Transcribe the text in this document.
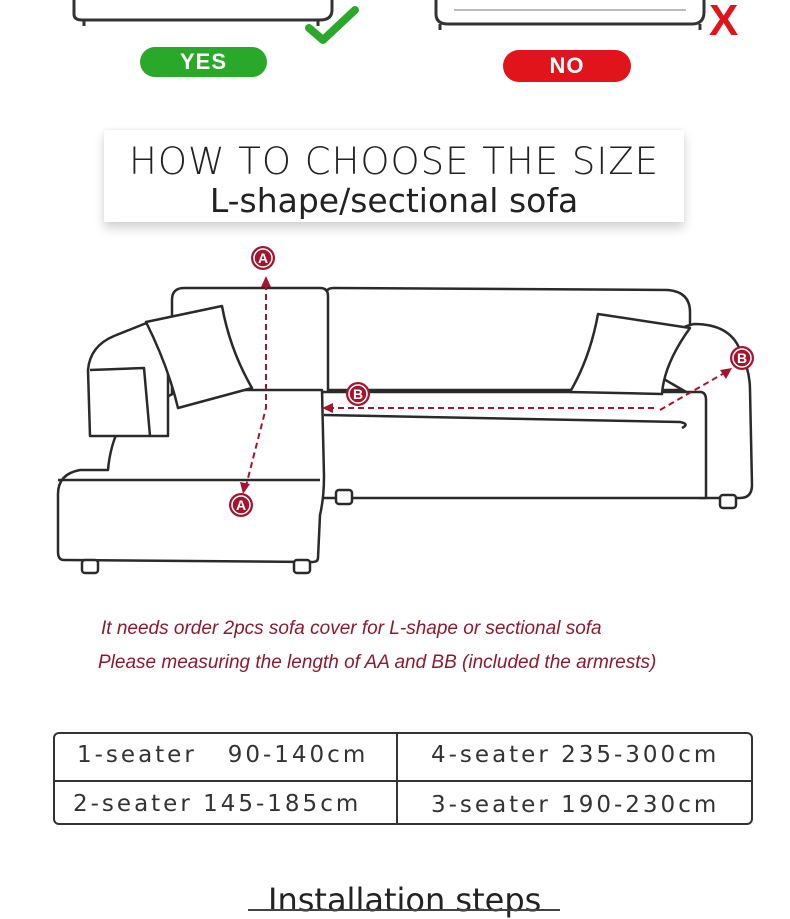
YES
X
NO
HOW TO CHOOSE THE SIZE
L-shape/sectional sofa
A
A
B
B
It needs order 2pcs sofa cover for L-shape or sectional sofa
Please measuring the length of AA and BB (included the armrests)
1-seater   90-140cm	4-seater 235-300cm
2-seater 145-185cm	3-seater 190-230cm
Installation steps
